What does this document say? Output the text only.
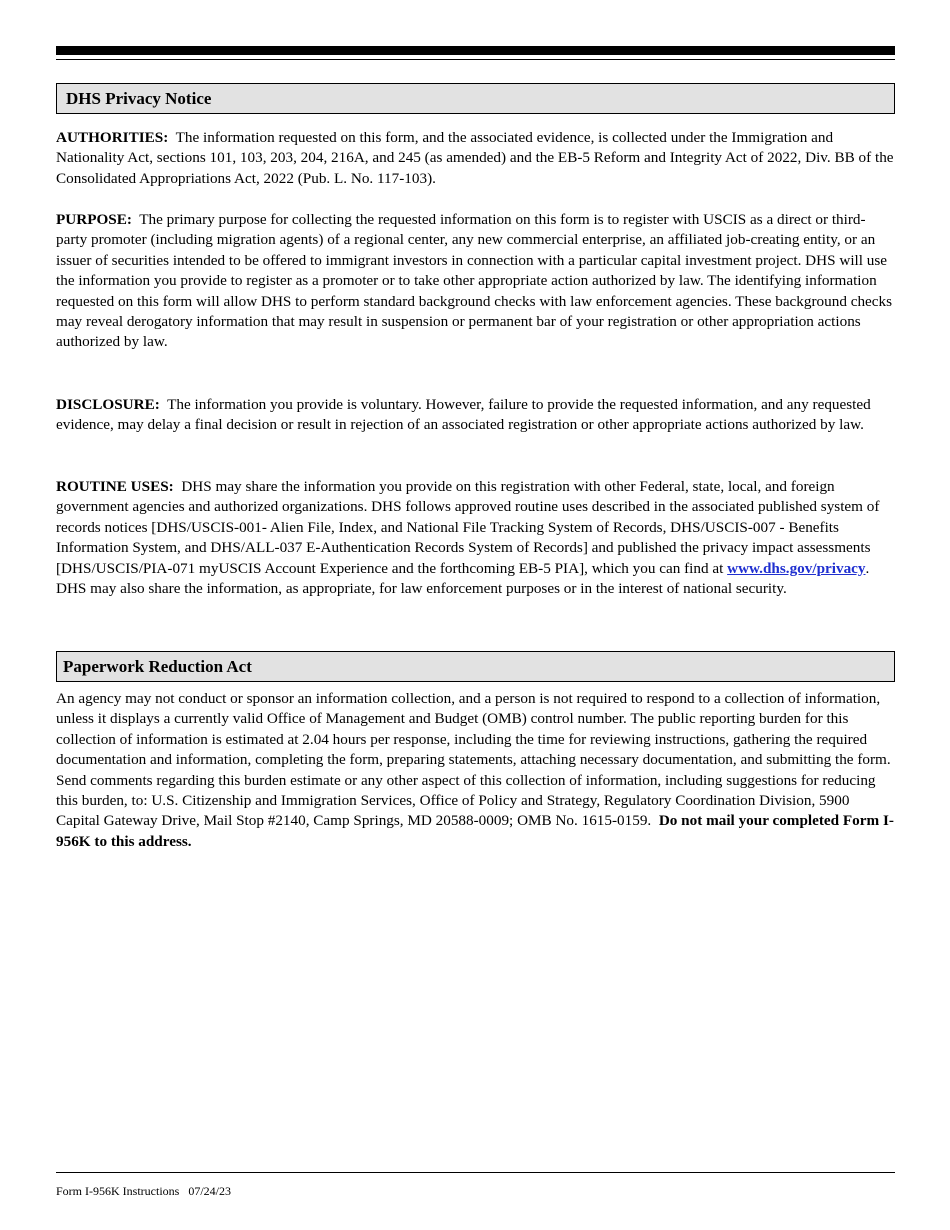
DHS Privacy Notice

AUTHORITIES: The information requested on this form, and the associated evidence, is collected under the Immigration and Nationality Act, sections 101, 103, 203, 204, 216A, and 245 (as amended) and the EB-5 Reform and Integrity Act of 2022, Div. BB of the Consolidated Appropriations Act, 2022 (Pub. L. No. 117-103).

PURPOSE: The primary purpose for collecting the requested information on this form is to register with USCIS as a direct or third-party promoter (including migration agents) of a regional center, any new commercial enterprise, an affiliated job-creating entity, or an issuer of securities intended to be offered to immigrant investors in connection with a particular capital investment project. DHS will use the information you provide to register as a promoter or to take other appropriate action authorized by law. The identifying information requested on this form will allow DHS to perform standard background checks with law enforcement agencies. These background checks may reveal derogatory information that may result in suspension or permanent bar of your registration or other appropriation actions authorized by law.

DISCLOSURE: The information you provide is voluntary. However, failure to provide the requested information, and any requested evidence, may delay a final decision or result in rejection of an associated registration or other appropriate actions authorized by law.

ROUTINE USES: DHS may share the information you provide on this registration with other Federal, state, local, and foreign government agencies and authorized organizations. DHS follows approved routine uses described in the associated published system of records notices [DHS/USCIS-001- Alien File, Index, and National File Tracking System of Records, DHS/USCIS-007 - Benefits Information System, and DHS/ALL-037 E-Authentication Records System of Records] and published the privacy impact assessments [DHS/USCIS/PIA-071 myUSCIS Account Experience and the forthcoming EB-5 PIA], which you can find at www.dhs.gov/privacy. DHS may also share the information, as appropriate, for law enforcement purposes or in the interest of national security.

Paperwork Reduction Act

An agency may not conduct or sponsor an information collection, and a person is not required to respond to a collection of information, unless it displays a currently valid Office of Management and Budget (OMB) control number. The public reporting burden for this collection of information is estimated at 2.04 hours per response, including the time for reviewing instructions, gathering the required documentation and information, completing the form, preparing statements, attaching necessary documentation, and submitting the form. Send comments regarding this burden estimate or any other aspect of this collection of information, including suggestions for reducing this burden, to: U.S. Citizenship and Immigration Services, Office of Policy and Strategy, Regulatory Coordination Division, 5900 Capital Gateway Drive, Mail Stop #2140, Camp Springs, MD 20588-0009; OMB No. 1615-0159. Do not mail your completed Form I-956K to this address.

Form I-956K Instructions 07/24/23
